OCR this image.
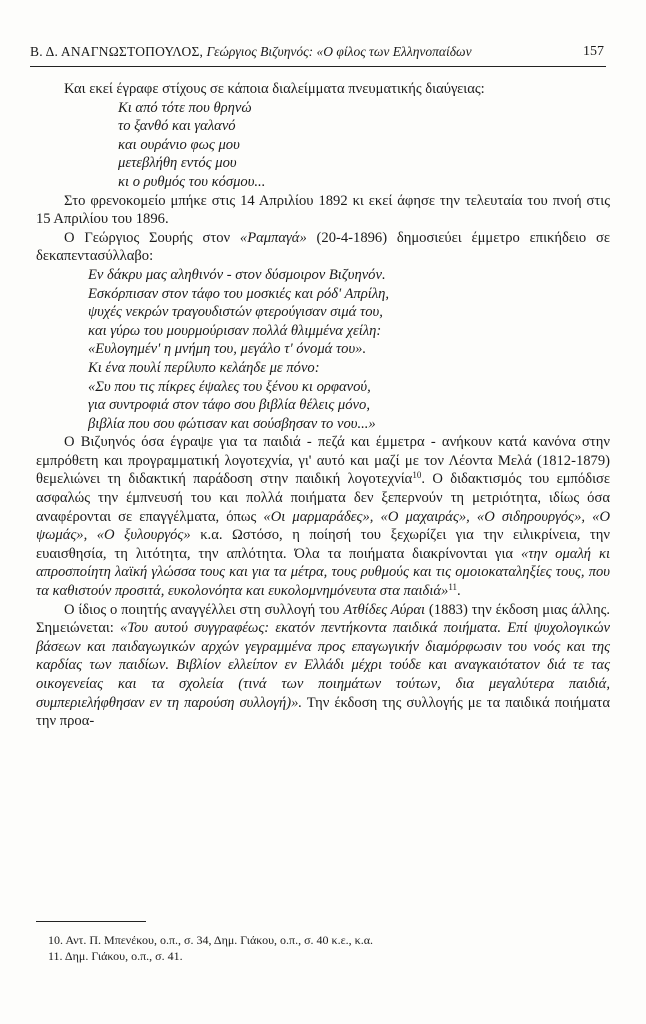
Β. Δ. ΑΝΑΓΝΩΣΤΟΠΟΥΛΟΣ, Γεώργιος Βιζυηνός: «Ο φίλος των Ελληνοπαίδων	157

Και εκεί έγραφε στίχους σε κάποια διαλείμματα πνευματικής διαύγειας:

Κι από τότε που θρηνώ
το ξανθό και γαλανό
και ουράνιο φως μου
μετεβλήθη εντός μου
κι ο ρυθμός του κόσμου...

Στο φρενοκομείο μπήκε στις 14 Απριλίου 1892 κι εκεί άφησε την τελευταία του πνοή στις 15 Απριλίου του 1896.

Ο Γεώργιος Σουρής στον «Ραμπαγά» (20-4-1896) δημοσιεύει έμμετρο επικήδειο σε δεκαπεντασύλλαβο:

Εν δάκρυ μας αληθινόν - στον δύσμοιρον Βιζυηνόν.
Εσκόρπισαν στον τάφο του μοσκιές και ρόδ' Απρίλη,
ψυχές νεκρών τραγουδιστών φτερούγισαν σιμά του,
και γύρω του μουρμούρισαν πολλά θλιμμένα χείλη:
«Ευλογημέν' η μνήμη του, μεγάλο τ' όνομά του».
Κι ένα πουλί περίλυπο κελάηδε με πόνο:
«Συ που τις πίκρες έψαλες του ξένου κι ορφανού,
για συντροφιά στον τάφο σου βιβλία θέλεις μόνο,
βιβλία που σου φώτισαν και σούσβησαν το νου...»

Ο Βιζυηνός όσα έγραψε για τα παιδιά - πεζά και έμμετρα - ανήκουν κατά κανόνα στην εμπρόθετη και προγραμματική λογοτεχνία, γι' αυτό και μαζί με τον Λέοντα Μελά (1812-1879) θεμελιώνει τη διδακτική παράδοση στην παιδική λογοτεχνία$^{10}$. Ο διδακτισμός του εμπόδισε ασφαλώς την έμπνευσή του και πολλά ποιήματα δεν ξεπερνούν τη μετριότητα, ιδίως όσα αναφέρονται σε επαγγέλματα, όπως «Οι μαρμαράδες», «Ο μαχαιράς», «Ο σιδηρουργός», «Ο ψωμάς», «Ο ξυλουργός» κ.α. Ωστόσο, η ποίησή του ξεχωρίζει για την ειλικρίνεια, την ευαισθησία, τη λιτότητα, την απλότητα. Όλα τα ποιήματα διακρίνονται για «την ομαλή κι απροσποίητη λαϊκή γλώσσα τους και για τα μέτρα, τους ρυθμούς και τις ομοιοκαταληξίες τους, που τα καθιστούν προσιτά, ευκολονόητα και ευκολομνημόνευτα στα παιδιά»$^{11}$.

Ο ίδιος ο ποιητής αναγγέλλει στη συλλογή του Ατθίδες Αύραι (1883) την έκδοση μιας άλλης. Σημειώνεται: «Του αυτού συγγραφέως: εκατόν πεντήκοντα παιδικά ποιήματα. Επί ψυχολογικών βάσεων και παιδαγωγικών αρχών γεγραμμένα προς επαγωγικήν διαμόρφωσιν του νοός και της καρδίας των παιδίων. Βιβλίον ελλείπον εν Ελλάδι μέχρι τούδε και αναγκαιότατον διά τε τας οικογενείας και τα σχολεία (τινά των ποιημάτων τούτων, δια μεγαλύτερα παιδιά, συμπεριελήφθησαν εν τη παρούση συλλογή)». Την έκδοση της συλλογής με τα παιδικά ποιήματα την προα-

10. Αντ. Π. Μπενέκου, ο.π., σ. 34, Δημ. Γιάκου, ο.π., σ. 40 κ.ε., κ.α.
11. Δημ. Γιάκου, ο.π., σ. 41.
